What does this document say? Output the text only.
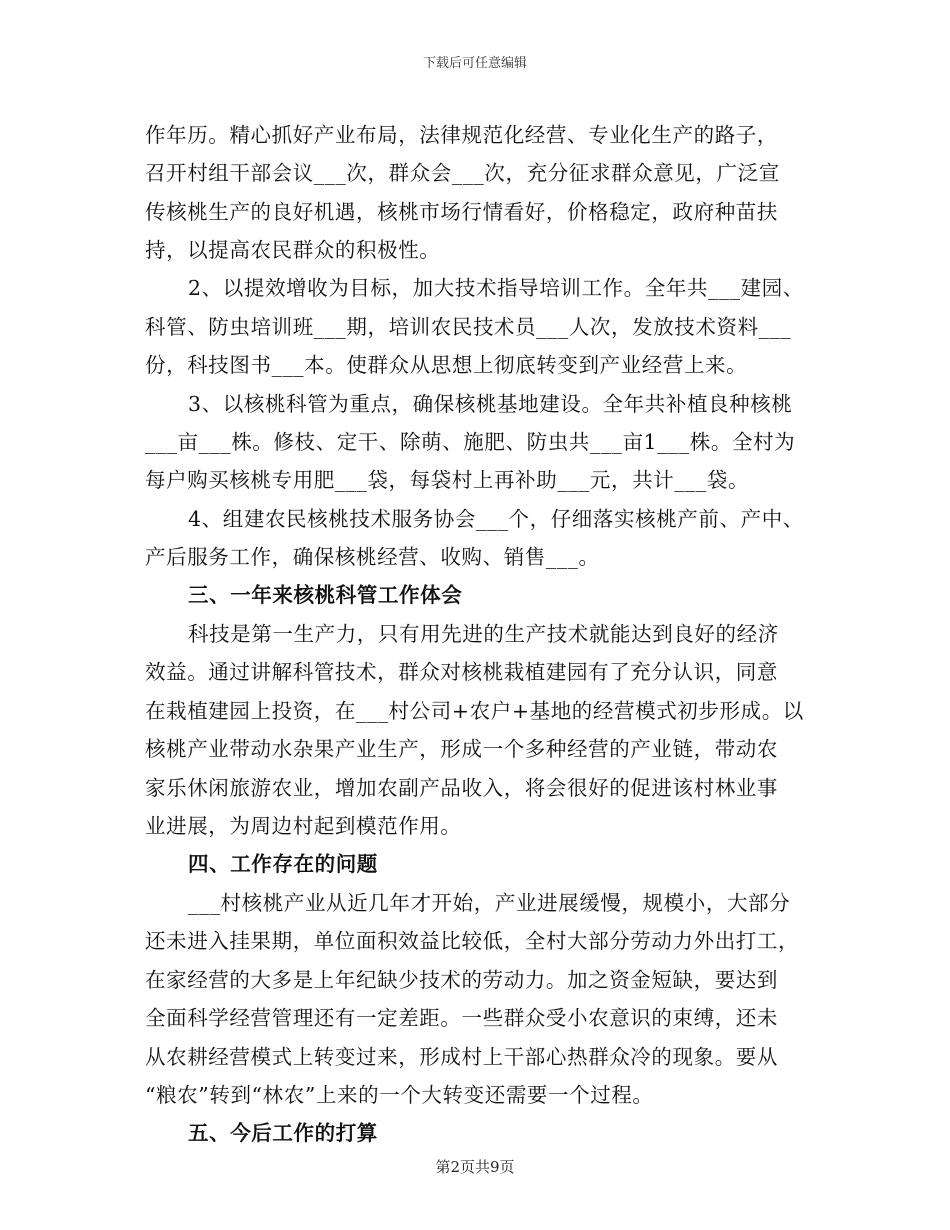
下载后可任意编辑
作年历。精心抓好产业布局，法律规范化经营、专业化生产的路子，
召开村组干部会议___次，群众会___次，充分征求群众意见，广泛宣
传核桃生产的良好机遇，核桃市场行情看好，价格稳定，政府种苗扶
持，以提高农民群众的积极性。
2、以提效增收为目标，加大技术指导培训工作。全年共___建园、
科管、防虫培训班___期，培训农民技术员___人次，发放技术资料___
份，科技图书___本。使群众从思想上彻底转变到产业经营上来。
3、以核桃科管为重点，确保核桃基地建设。全年共补植良种核桃
___亩___株。修枝、定干、除萌、施肥、防虫共___亩1___株。全村为
每户购买核桃专用肥___袋，每袋村上再补助___元，共计___袋。
4、组建农民核桃技术服务协会___个，仔细落实核桃产前、产中、
产后服务工作，确保核桃经营、收购、销售___。
三、一年来核桃科管工作体会
科技是第一生产力，只有用先进的生产技术就能达到良好的经济
效益。通过讲解科管技术，群众对核桃栽植建园有了充分认识，同意
在栽植建园上投资，在___村公司+农户+基地的经营模式初步形成。以
核桃产业带动水杂果产业生产，形成一个多种经营的产业链，带动农
家乐休闲旅游农业，增加农副产品收入，将会很好的促进该村林业事
业进展，为周边村起到模范作用。
四、工作存在的问题
___村核桃产业从近几年才开始，产业进展缓慢，规模小，大部分
还未进入挂果期，单位面积效益比较低，全村大部分劳动力外出打工，
在家经营的大多是上年纪缺少技术的劳动力。加之资金短缺，要达到
全面科学经营管理还有一定差距。一些群众受小农意识的束缚，还未
从农耕经营模式上转变过来，形成村上干部心热群众冷的现象。要从
“粮农”转到“林农”上来的一个大转变还需要一个过程。
五、今后工作的打算
第2页共9页
